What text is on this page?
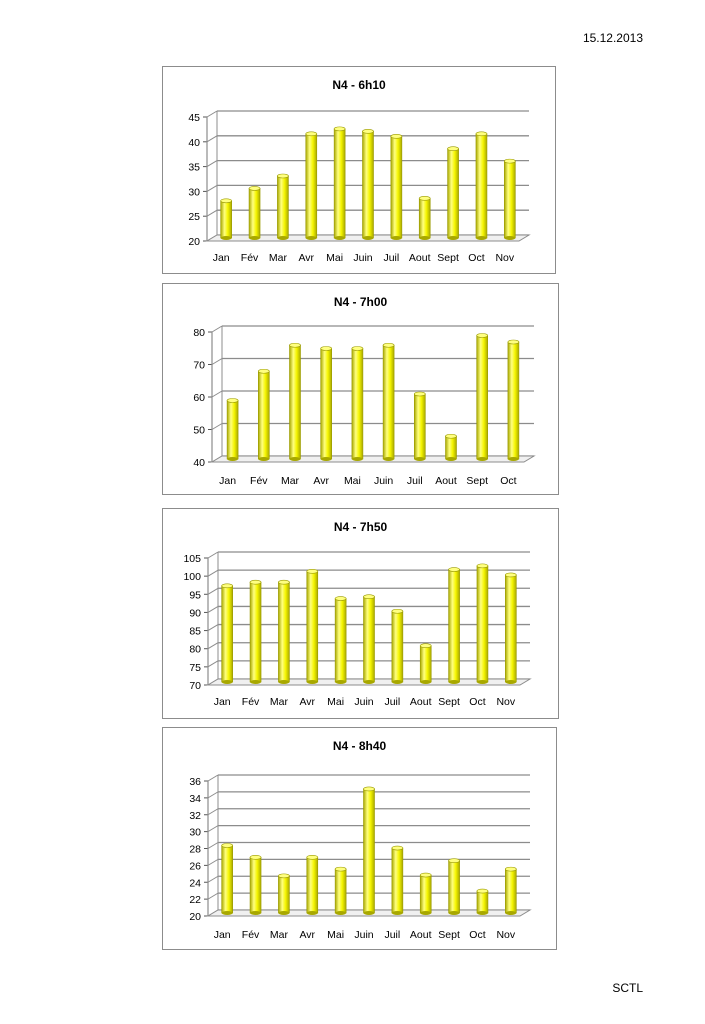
15.12.2013
N4 - 6h10
20
25
30
35
40
45
Jan Fév Mar Avr Mai Juin Juil Aout Sept Oct Nov
N4 - 7h00
40
50
60
70
80
Jan Fév Mar Avr Mai Juin Juil Aout Sept Oct
N4 - 7h50
70
75
80
85
90
95
100
105
Jan Fév Mar Avr Mai Juin Juil Aout Sept Oct Nov
N4 - 8h40
20
22
24
26
28
30
32
34
36
Jan Fév Mar Avr Mai Juin Juil Aout Sept Oct Nov
SCTL
